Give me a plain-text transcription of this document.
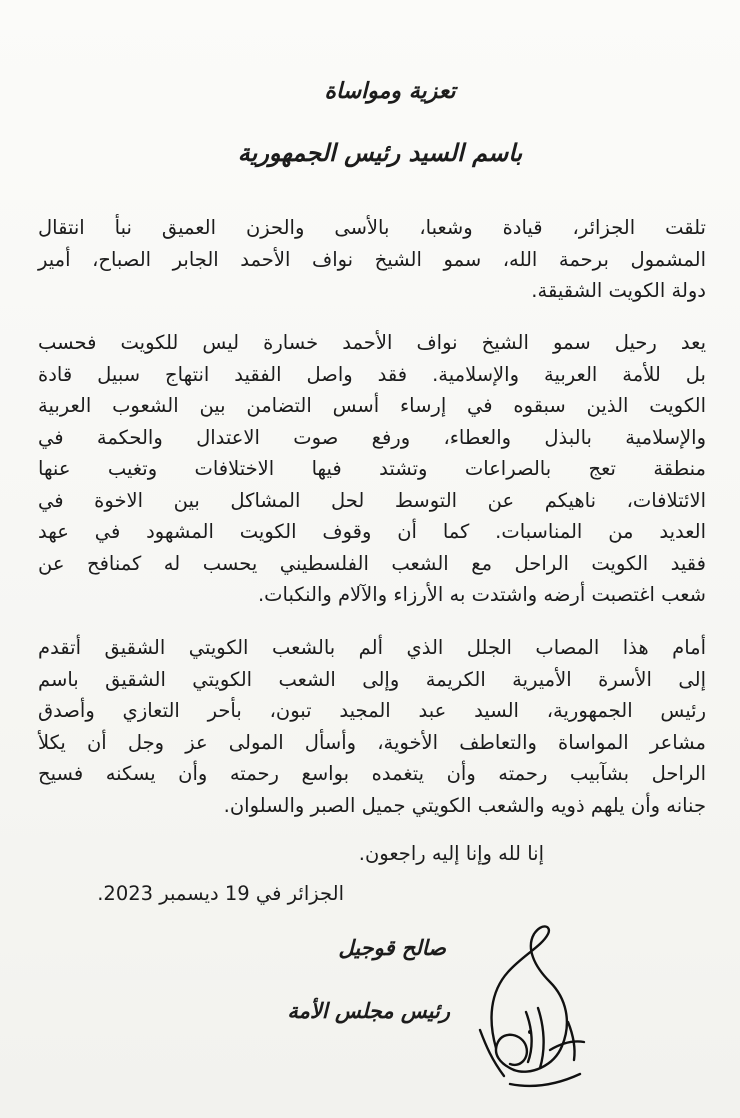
تعزية ومواساة
باسم السيد رئيس الجمهورية
تلقت الجزائر، قيادة وشعبا، بالأسى والحزن العميق نبأ انتقال
المشمول برحمة الله، سمو الشيخ نواف الأحمد الجابر الصباح، أمير
دولة الكويت الشقيقة.
يعد رحيل سمو الشيخ نواف الأحمد خسارة ليس للكويت فحسب
بل للأمة العربية والإسلامية. فقد واصل الفقيد انتهاج سبيل قادة
الكويت الذين سبقوه في إرساء أسس التضامن بين الشعوب العربية
والإسلامية بالبذل والعطاء، ورفع صوت الاعتدال والحكمة في
منطقة تعج بالصراعات وتشتد فيها الاختلافات وتغيب عنها
الائتلافات، ناهيكم عن التوسط لحل المشاكل بين الاخوة في
العديد من المناسبات. كما أن وقوف الكويت المشهود في عهد
فقيد الكويت الراحل مع الشعب الفلسطيني يحسب له كمنافح عن
شعب اغتصبت أرضه واشتدت به الأرزاء والآلام والنكبات.
أمام هذا المصاب الجلل الذي ألم بالشعب الكويتي الشقيق أتقدم
إلى الأسرة الأميرية الكريمة وإلى الشعب الكويتي الشقيق باسم
رئيس الجمهورية، السيد عبد المجيد تبون، بأحر التعازي وأصدق
مشاعر المواساة والتعاطف الأخوية، وأسأل المولى عز وجل أن يكلأ
الراحل بشآبيب رحمته وأن يتغمده بواسع رحمته وأن يسكنه فسيح
جنانه وأن يلهم ذويه والشعب الكويتي جميل الصبر والسلوان.
إنا لله وإنا إليه راجعون.
الجزائر في 19 ديسمبر 2023.
صالح قوجيل
رئيس مجلس الأمة
